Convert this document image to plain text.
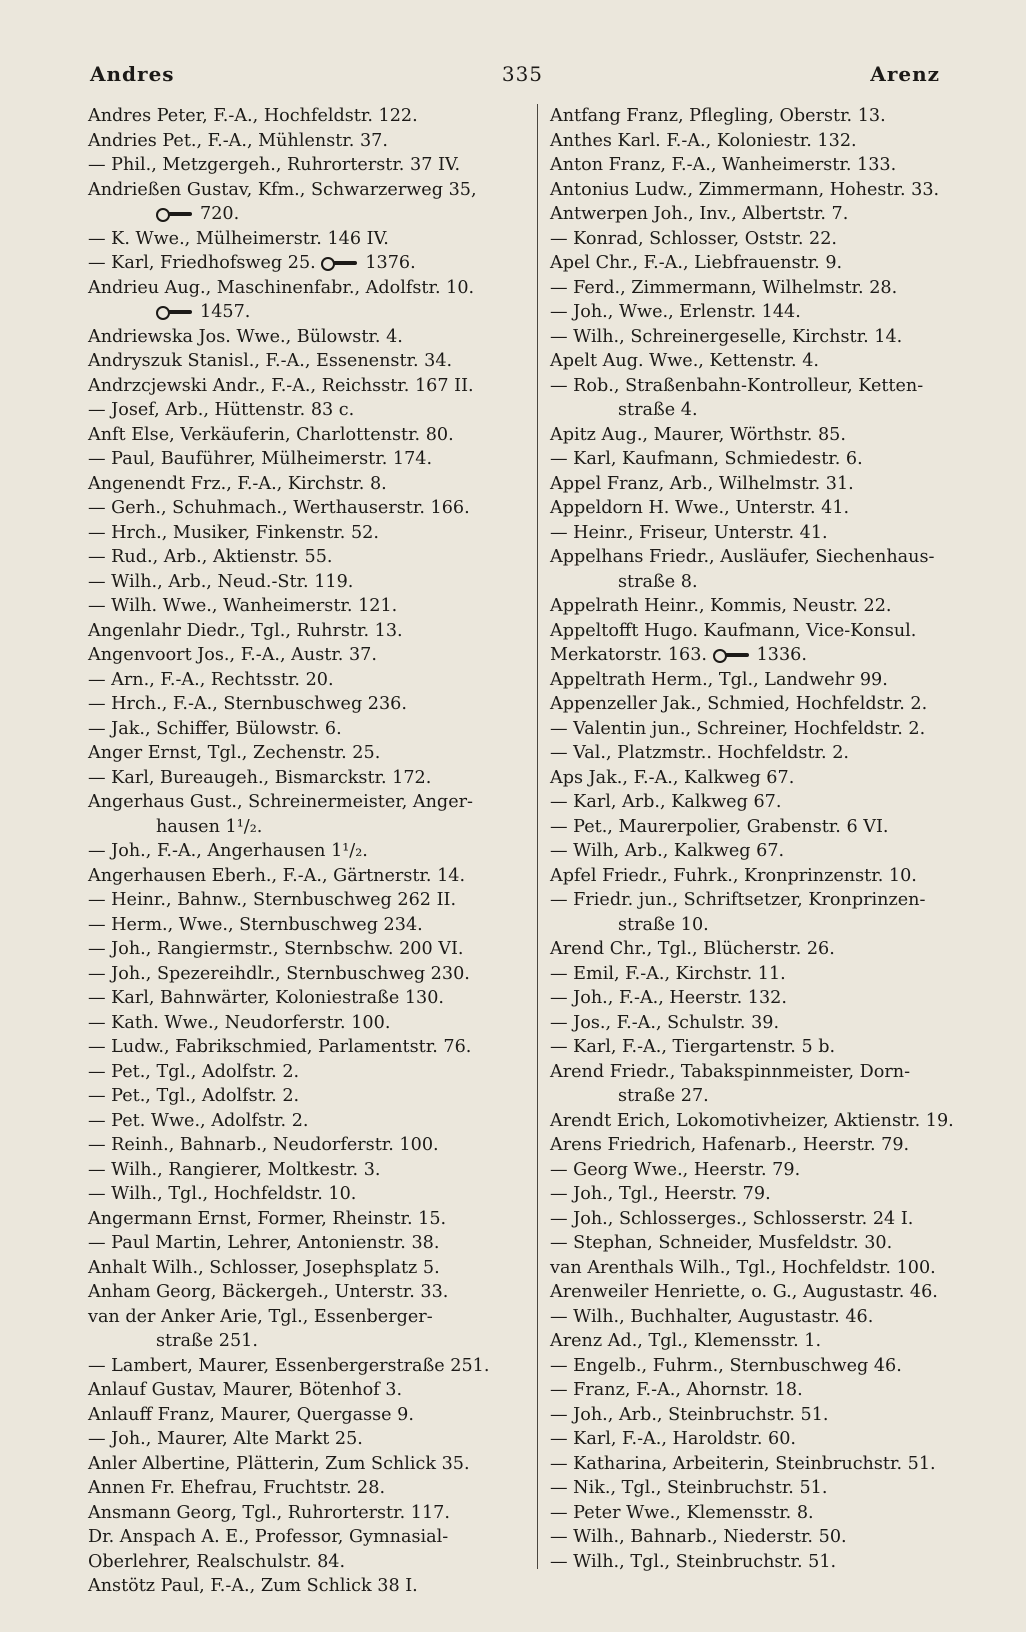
Andres	335	Arenz
Andres Peter, F.-A., Hochfeldstr. 122.
Andries Pet., F.-A., Mühlenstr. 37.
— Phil., Metzgergeh., Ruhrorterstr. 37 IV.
Andrießen Gustav, Kfm., Schwarzerweg 35,
720.
— K. Wwe., Mülheimerstr. 146 IV.
— Karl, Friedhofsweg 25.	1376.
Andrieu Aug., Maschinenfabr., Adolfstr. 10.
1457.
Andriewska Jos. Wwe., Bülowstr. 4.
Andryszuk Stanisl., F.-A., Essenenstr. 34.
Andrzcjewski Andr., F.-A., Reichsstr. 167 II.
— Josef, Arb., Hüttenstr. 83 c.
Anft Else, Verkäuferin, Charlottenstr. 80.
— Paul, Bauführer, Mülheimerstr. 174.
Angenendt Frz., F.-A., Kirchstr. 8.
— Gerh., Schuhmach., Werthauserstr. 166.
— Hrch., Musiker, Finkenstr. 52.
— Rud., Arb., Aktienstr. 55.
— Wilh., Arb., Neud.-Str. 119.
— Wilh. Wwe., Wanheimerstr. 121.
Angenlahr Diedr., Tgl., Ruhrstr. 13.
Angenvoort Jos., F.-A., Austr. 37.
— Arn., F.-A., Rechtsstr. 20.
— Hrch., F.-A., Sternbuschweg 236.
— Jak., Schiffer, Bülowstr. 6.
Anger Ernst, Tgl., Zechenstr. 25.
— Karl, Bureaugeh., Bismarckstr. 172.
Angerhaus Gust., Schreinermeister, Anger-
hausen 1¹/₂.
— Joh., F.-A., Angerhausen 1¹/₂.
Angerhausen Eberh., F.-A., Gärtnerstr. 14.
— Heinr., Bahnw., Sternbuschweg 262 II.
— Herm., Wwe., Sternbuschweg 234.
— Joh., Rangiermstr., Sternbschw. 200 VI.
— Joh., Spezereihdlr., Sternbuschweg 230.
— Karl, Bahnwärter, Koloniestraße 130.
— Kath. Wwe., Neudorferstr. 100.
— Ludw., Fabrikschmied, Parlamentstr. 76.
— Pet., Tgl., Adolfstr. 2.
— Pet., Tgl., Adolfstr. 2.
— Pet. Wwe., Adolfstr. 2.
— Reinh., Bahnarb., Neudorferstr. 100.
— Wilh., Rangierer, Moltkestr. 3.
— Wilh., Tgl., Hochfeldstr. 10.
Angermann Ernst, Former, Rheinstr. 15.
— Paul Martin, Lehrer, Antonienstr. 38.
Anhalt Wilh., Schlosser, Josephsplatz 5.
Anham Georg, Bäckergeh., Unterstr. 33.
van der Anker Arie, Tgl., Essenberger-
straße 251.
— Lambert, Maurer, Essenbergerstraße 251.
Anlauf Gustav, Maurer, Bötenhof 3.
Anlauff Franz, Maurer, Quergasse 9.
— Joh., Maurer, Alte Markt 25.
Anler Albertine, Plätterin, Zum Schlick 35.
Annen Fr. Ehefrau, Fruchtstr. 28.
Ansmann Georg, Tgl., Ruhrorterstr. 117.
Dr. Anspach A. E., Professor, Gymnasial-
Oberlehrer, Realschulstr. 84.
Anstötz Paul, F.-A., Zum Schlick 38 I.
Antfang Franz, Pflegling, Oberstr. 13.
Anthes Karl. F.-A., Koloniestr. 132.
Anton Franz, F.-A., Wanheimerstr. 133.
Antonius Ludw., Zimmermann, Hohestr. 33.
Antwerpen Joh., Inv., Albertstr. 7.
— Konrad, Schlosser, Oststr. 22.
Apel Chr., F.-A., Liebfrauenstr. 9.
— Ferd., Zimmermann, Wilhelmstr. 28.
— Joh., Wwe., Erlenstr. 144.
— Wilh., Schreinergeselle, Kirchstr. 14.
Apelt Aug. Wwe., Kettenstr. 4.
— Rob., Straßenbahn-Kontrolleur, Ketten-
straße 4.
Apitz Aug., Maurer, Wörthstr. 85.
— Karl, Kaufmann, Schmiedestr. 6.
Appel Franz, Arb., Wilhelmstr. 31.
Appeldorn H. Wwe., Unterstr. 41.
— Heinr., Friseur, Unterstr. 41.
Appelhans Friedr., Ausläufer, Siechenhaus-
straße 8.
Appelrath Heinr., Kommis, Neustr. 22.
Appeltofft Hugo. Kaufmann, Vice-Konsul.
Merkatorstr. 163.	1336.
Appeltrath Herm., Tgl., Landwehr 99.
Appenzeller Jak., Schmied, Hochfeldstr. 2.
— Valentin jun., Schreiner, Hochfeldstr. 2.
— Val., Platzmstr.. Hochfeldstr. 2.
Aps Jak., F.-A., Kalkweg 67.
— Karl, Arb., Kalkweg 67.
— Pet., Maurerpolier, Grabenstr. 6 VI.
— Wilh, Arb., Kalkweg 67.
Apfel Friedr., Fuhrk., Kronprinzenstr. 10.
— Friedr. jun., Schriftsetzer, Kronprinzen-
straße 10.
Arend Chr., Tgl., Blücherstr. 26.
— Emil, F.-A., Kirchstr. 11.
— Joh., F.-A., Heerstr. 132.
— Jos., F.-A., Schulstr. 39.
— Karl, F.-A., Tiergartenstr. 5 b.
Arend Friedr., Tabakspinnmeister, Dorn-
straße 27.
Arendt Erich, Lokomotivheizer, Aktienstr. 19.
Arens Friedrich, Hafenarb., Heerstr. 79.
— Georg Wwe., Heerstr. 79.
— Joh., Tgl., Heerstr. 79.
— Joh., Schlosserges., Schlosserstr. 24 I.
— Stephan, Schneider, Musfeldstr. 30.
van Arenthals Wilh., Tgl., Hochfeldstr. 100.
Arenweiler Henriette, o. G., Augustastr. 46.
— Wilh., Buchhalter, Augustastr. 46.
Arenz Ad., Tgl., Klemensstr. 1.
— Engelb., Fuhrm., Sternbuschweg 46.
— Franz, F.-A., Ahornstr. 18.
— Joh., Arb., Steinbruchstr. 51.
— Karl, F.-A., Haroldstr. 60.
— Katharina, Arbeiterin, Steinbruchstr. 51.
— Nik., Tgl., Steinbruchstr. 51.
— Peter Wwe., Klemensstr. 8.
— Wilh., Bahnarb., Niederstr. 50.
— Wilh., Tgl., Steinbruchstr. 51.
